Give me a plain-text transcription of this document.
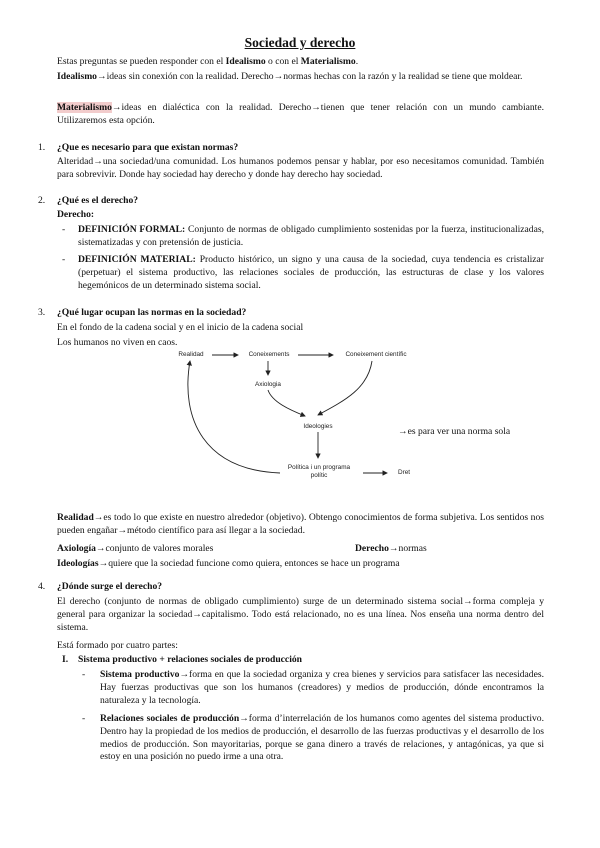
Sociedad y derecho
Estas preguntas se pueden responder con el Idealismo o con el Materialismo.
Idealismo→ideas sin conexión con la realidad. Derecho→normas hechas con la razón y la realidad se tiene que moldear.
Materialismo→ideas en dialéctica con la realidad. Derecho→tienen que tener relación con un mundo cambiante. Utilizaremos esta opción.
1. ¿Que es necesario para que existan normas?
Alteridad→una sociedad/una comunidad. Los humanos podemos pensar y hablar, por eso necesitamos comunidad. También para sobrevivir. Donde hay sociedad hay derecho y donde hay derecho hay sociedad.
2. ¿Qué es el derecho?
Derecho:
- DEFINICIÓN FORMAL: Conjunto de normas de obligado cumplimiento sostenidas por la fuerza, institucionalizadas, sistematizadas y con pretensión de justicia.
- DEFINICIÓN MATERIAL: Producto histórico, un signo y una causa de la sociedad, cuya tendencia es cristalizar (perpetuar) el sistema productivo, las relaciones sociales de producción, las estructuras de clase y los valores hegemónicos de un determinado sistema social.
3. ¿Qué lugar ocupan las normas en la sociedad?
En el fondo de la cadena social y en el inicio de la cadena social
Los humanos no viven en caos.
Realidad	Coneixements	Coneixement científic
Axiologia
Ideologies
Política i un programa
polític	Dret
→es para ver una norma sola
Realidad→es todo lo que existe en nuestro alrededor (objetivo). Obtengo conocimientos de forma subjetiva. Los sentidos nos pueden engañar→método científico para así llegar a la sociedad.
Axiología→conjunto de valores morales	Derecho→normas
Ideologías→quiere que la sociedad funcione como quiera, entonces se hace un programa
4. ¿Dónde surge el derecho?
El derecho (conjunto de normas de obligado cumplimiento) surge de un determinado sistema social→forma compleja y general para organizar la sociedad→capitalismo. Todo está relacionado, no es una línea. Nos enseña una norma dentro del sistema.
Está formado por cuatro partes:
I. Sistema productivo + relaciones sociales de producción
- Sistema productivo→forma en que la sociedad organiza y crea bienes y servicios para satisfacer las necesidades. Hay fuerzas productivas que son los humanos (creadores) y medios de producción, dónde encontramos la naturaleza y la tecnología.
- Relaciones sociales de producción→forma d’interrelación de los humanos como agentes del sistema productivo. Dentro hay la propiedad de los medios de producción, el desarrollo de las fuerzas productivas y el desarrollo de los medios de producción. Son mayoritarias, porque se gana dinero a través de relaciones, y antagónicas, ya que si estoy en una posición no puedo irme a una otra.
